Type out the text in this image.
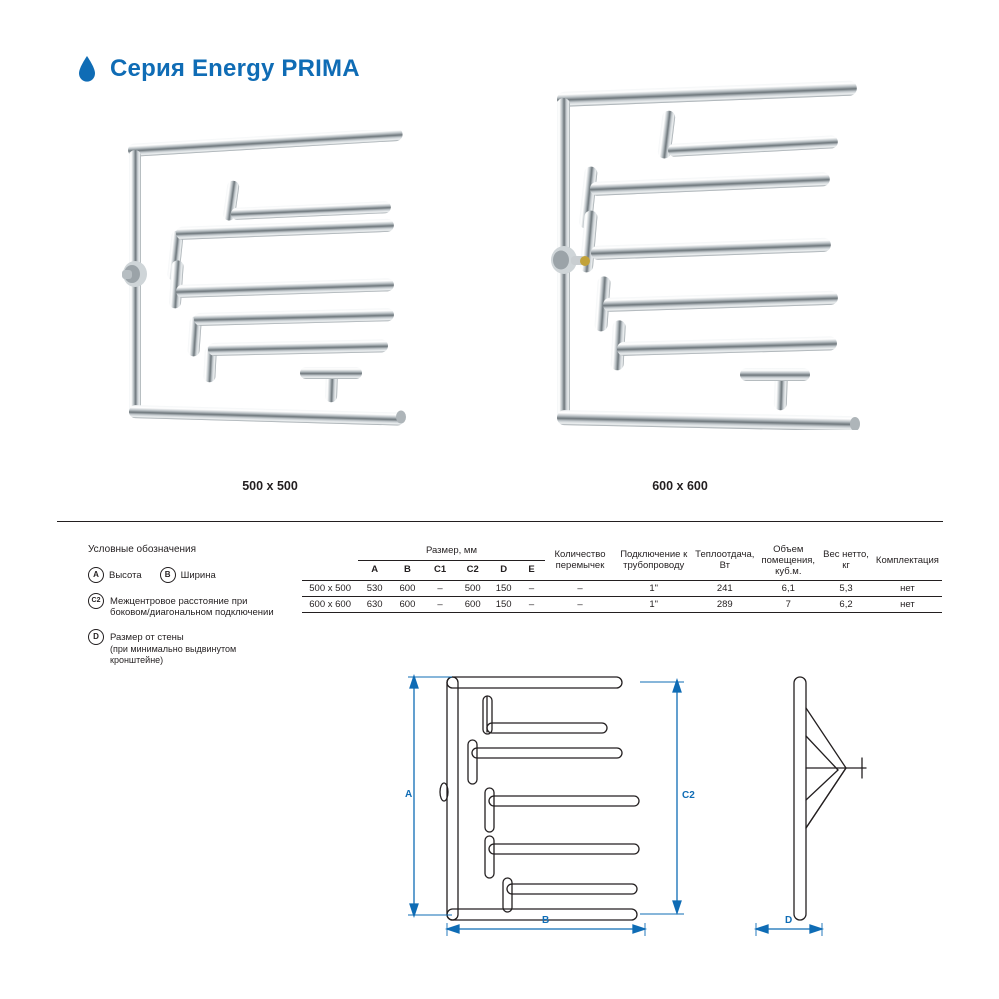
Серия Energy PRIMA
500 x 500	600 x 600
Условные обозначения
A	Высота	B	Ширина
C2	Межцентровое расстояние при боковом/диагональном подключении
D	Размер от стены
(при минимально выдвинутом кронштейне)
	Размер, мм						Количество перемычек	Подключение к трубопроводу	Теплоотдача, Вт	Объем помещения, куб.м.	Вес нетто, кг	Комплектация
	A	B	C1	C2	D	E						
500 x 500	530	600	–	500	150	–	–	1"	241	6,1	5,3	нет
600 x 600	630	600	–	600	150	–	–	1"	289	7	6,2	нет
A	C2
B	D
